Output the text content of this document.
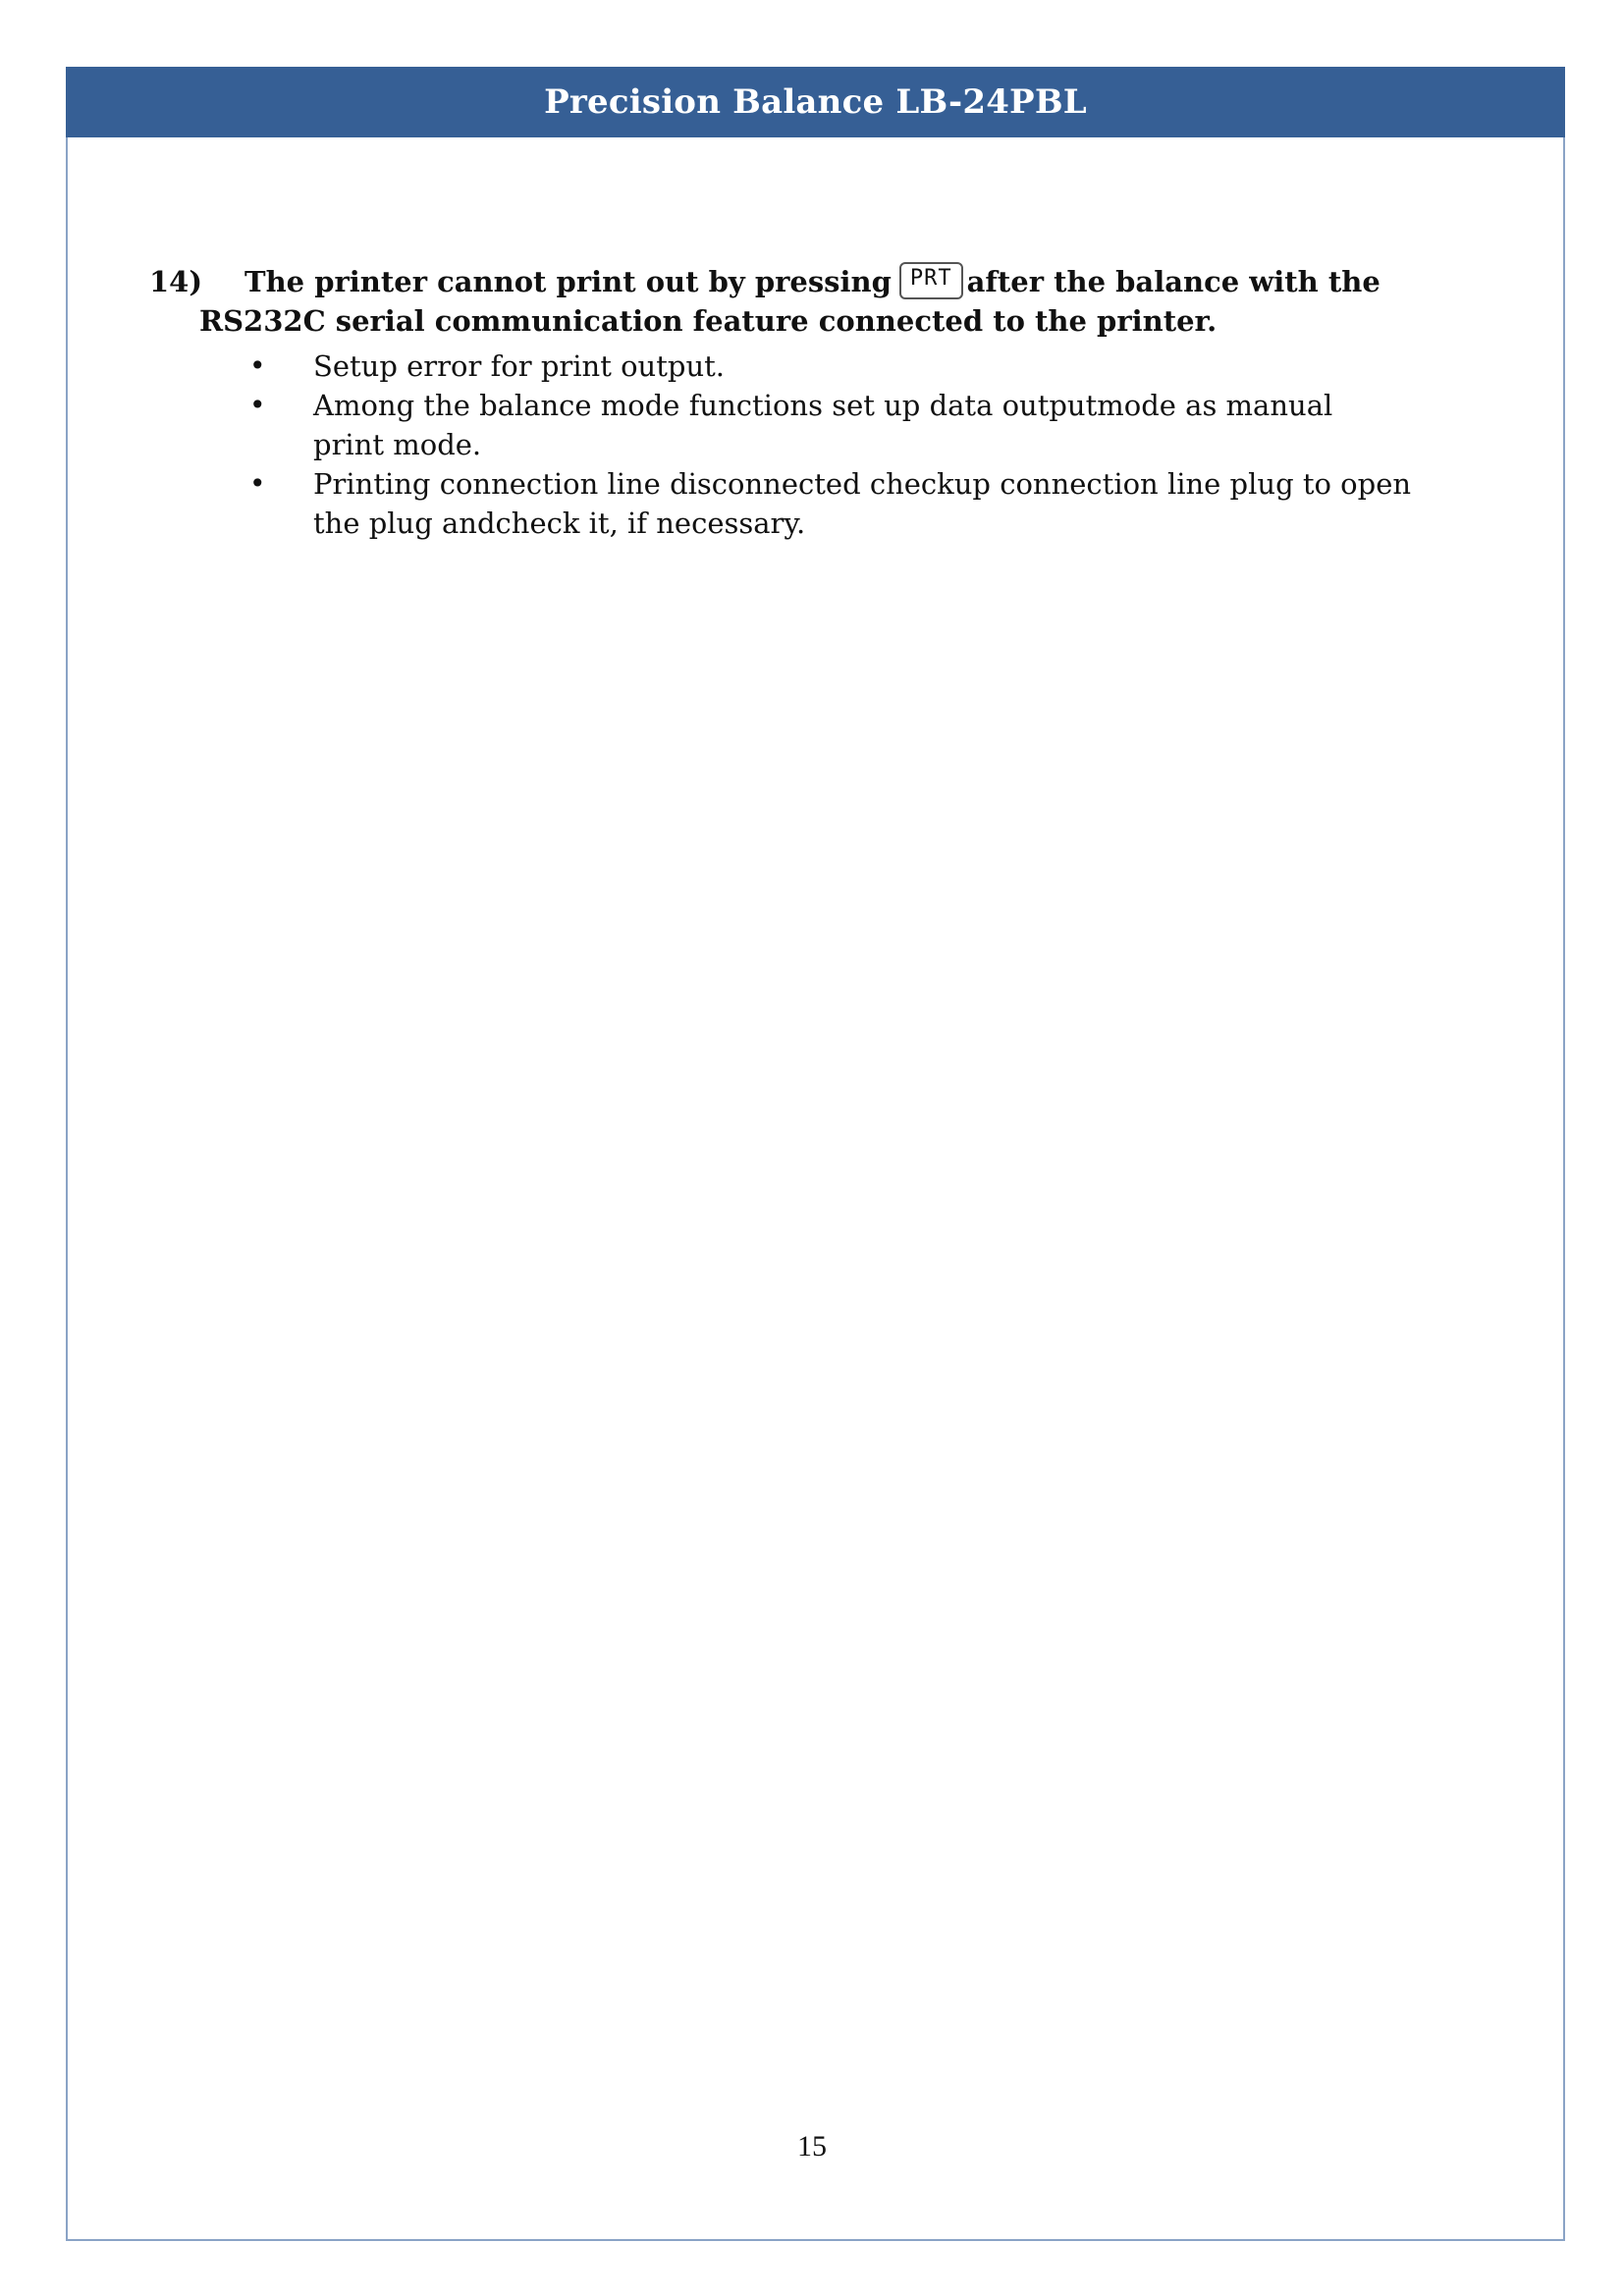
Precision Balance LB-24PBL
14) The printer cannot print out by pressing PRT after the balance with the
RS232C serial communication feature connected to the printer.
• Setup error for print output.
• Among the balance mode functions set up data outputmode as manual
print mode.
• Printing connection line disconnected checkup connection line plug to open
the plug andcheck it, if necessary.
15
